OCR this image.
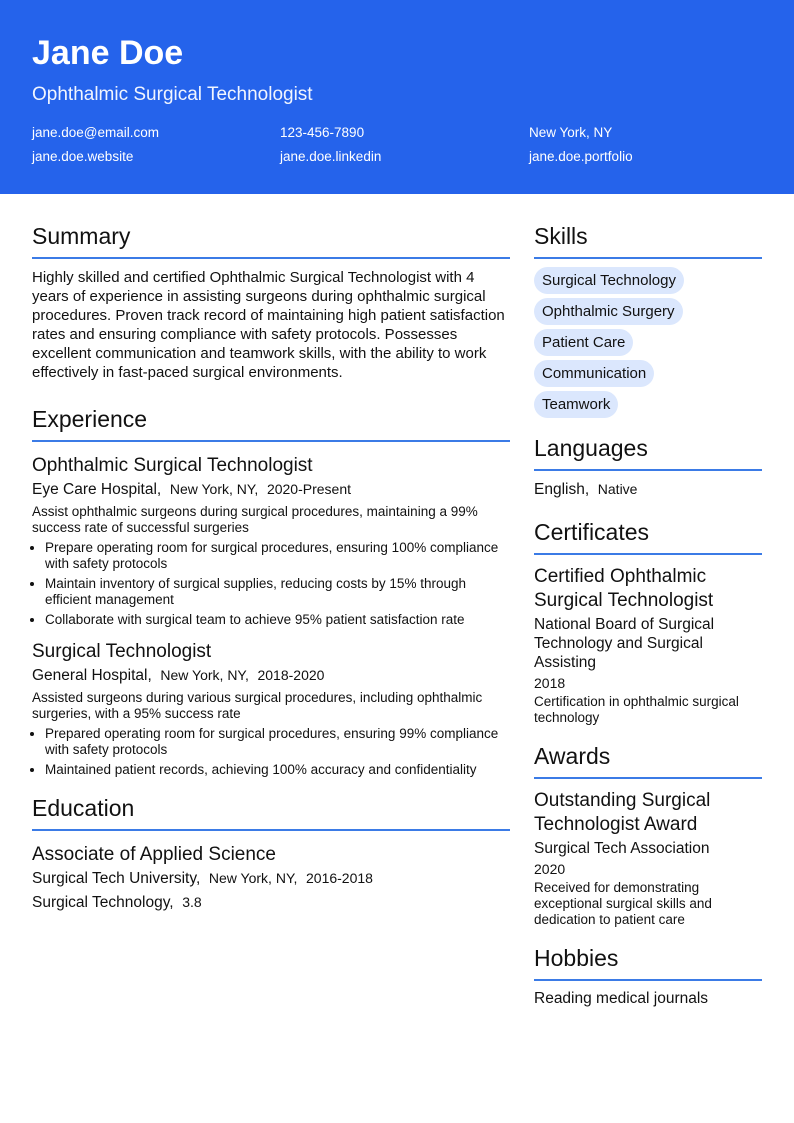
Jane Doe
Ophthalmic Surgical Technologist
jane.doe@email.com	123-456-7890	New York, NY
jane.doe.website	jane.doe.linkedin	jane.doe.portfolio
Summary
Highly skilled and certified Ophthalmic Surgical Technologist with 4 years of experience in assisting surgeons during ophthalmic surgical procedures. Proven track record of maintaining high patient satisfaction rates and ensuring compliance with safety protocols. Possesses excellent communication and teamwork skills, with the ability to work effectively in fast-paced surgical environments.
Experience
Ophthalmic Surgical Technologist
Eye Care Hospital, New York, NY, 2020-Present
Assist ophthalmic surgeons during surgical procedures, maintaining a 99% success rate of successful surgeries
• Prepare operating room for surgical procedures, ensuring 100% compliance with safety protocols
• Maintain inventory of surgical supplies, reducing costs by 15% through efficient management
• Collaborate with surgical team to achieve 95% patient satisfaction rate
Surgical Technologist
General Hospital, New York, NY, 2018-2020
Assisted surgeons during various surgical procedures, including ophthalmic surgeries, with a 95% success rate
• Prepared operating room for surgical procedures, ensuring 99% compliance with safety protocols
• Maintained patient records, achieving 100% accuracy and confidentiality
Education
Associate of Applied Science
Surgical Tech University, New York, NY, 2016-2018
Surgical Technology, 3.8
Skills
Surgical Technology
Ophthalmic Surgery
Patient Care
Communication
Teamwork
Languages
English, Native
Certificates
Certified Ophthalmic Surgical Technologist
National Board of Surgical Technology and Surgical Assisting
2018
Certification in ophthalmic surgical technology
Awards
Outstanding Surgical Technologist Award
Surgical Tech Association
2020
Received for demonstrating exceptional surgical skills and dedication to patient care
Hobbies
Reading medical journals
